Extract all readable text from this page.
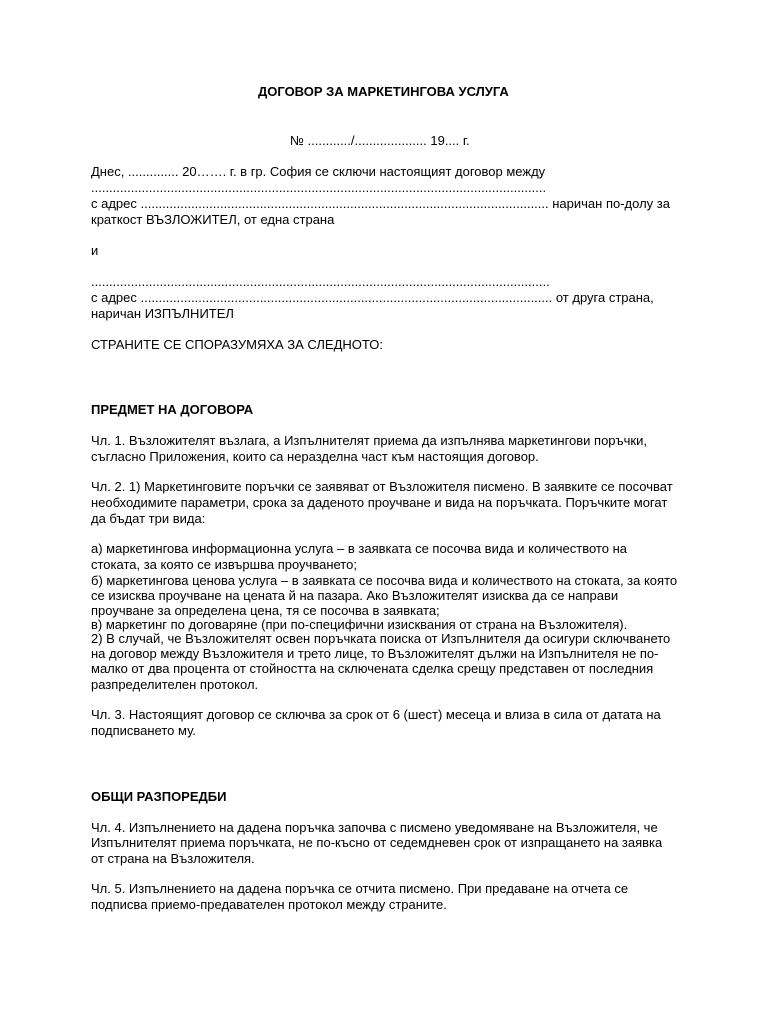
ДОГОВОР ЗА МАРКЕТИНГОВА УСЛУГА

№ ............/.................... 19.... г.

Днес, .............. 20……. г. в гр. София се сключи настоящият договор между

..............................................................................................................................

с адрес ................................................................................................................. наричан по-долу за

краткост ВЪЗЛОЖИТЕЛ, от една страна

и

...............................................................................................................................

с адрес .................................................................................................................. от друга страна,

наричан ИЗПЪЛНИТЕЛ

СТРАНИТЕ СЕ СПОРАЗУМЯХА ЗА СЛЕДНОТО:

ПРЕДМЕТ НА ДОГОВОРА

Чл. 1. Възложителят възлага, а Изпълнителят приема да изпълнява маркетингови поръчки,

съгласно Приложения, които са неразделна част към настоящия договор.

Чл. 2. 1) Маркетинговите поръчки се заявяват от Възложителя писмено. В заявките се посочват

необходимите параметри, срока за даденото проучване и вида на поръчката. Поръчките могат

да бъдат три вида:

а) маркетингова информационна услуга – в заявката се посочва вида и количеството на

стоката, за която се извършва проучването;

б) маркетингова ценова услуга – в заявката се посочва вида и количеството на стоката, за която

се изисква проучване на цената й на пазара. Ако Възложителят изисква да се направи

проучване за определена цена, тя се посочва в заявката;

в) маркетинг по договаряне (при по-специфични изисквания от страна на Възложителя).

2) В случай, че Възложителят освен поръчката поиска от Изпълнителя да осигури сключването

на договор между Възложителя и трето лице, то Възложителят дължи на Изпълнителя не по-

малко от два процента от стойността на сключената сделка срещу представен от последния

разпределителен протокол.

Чл. 3. Настоящият договор се сключва за срок от 6 (шест) месеца и влиза в сила от датата на

подписването му.

ОБЩИ РАЗПОРЕДБИ

Чл. 4. Изпълнението на дадена поръчка започва с писмено уведомяване на Възложителя, че

Изпълнителят приема поръчката, не по-късно от седемдневен срок от изпращането на заявка

от страна на Възложителя.

Чл. 5. Изпълнението на дадена поръчка се отчита писмено. При предаване на отчета се

подписва приемо-предавателен протокол между страните.
